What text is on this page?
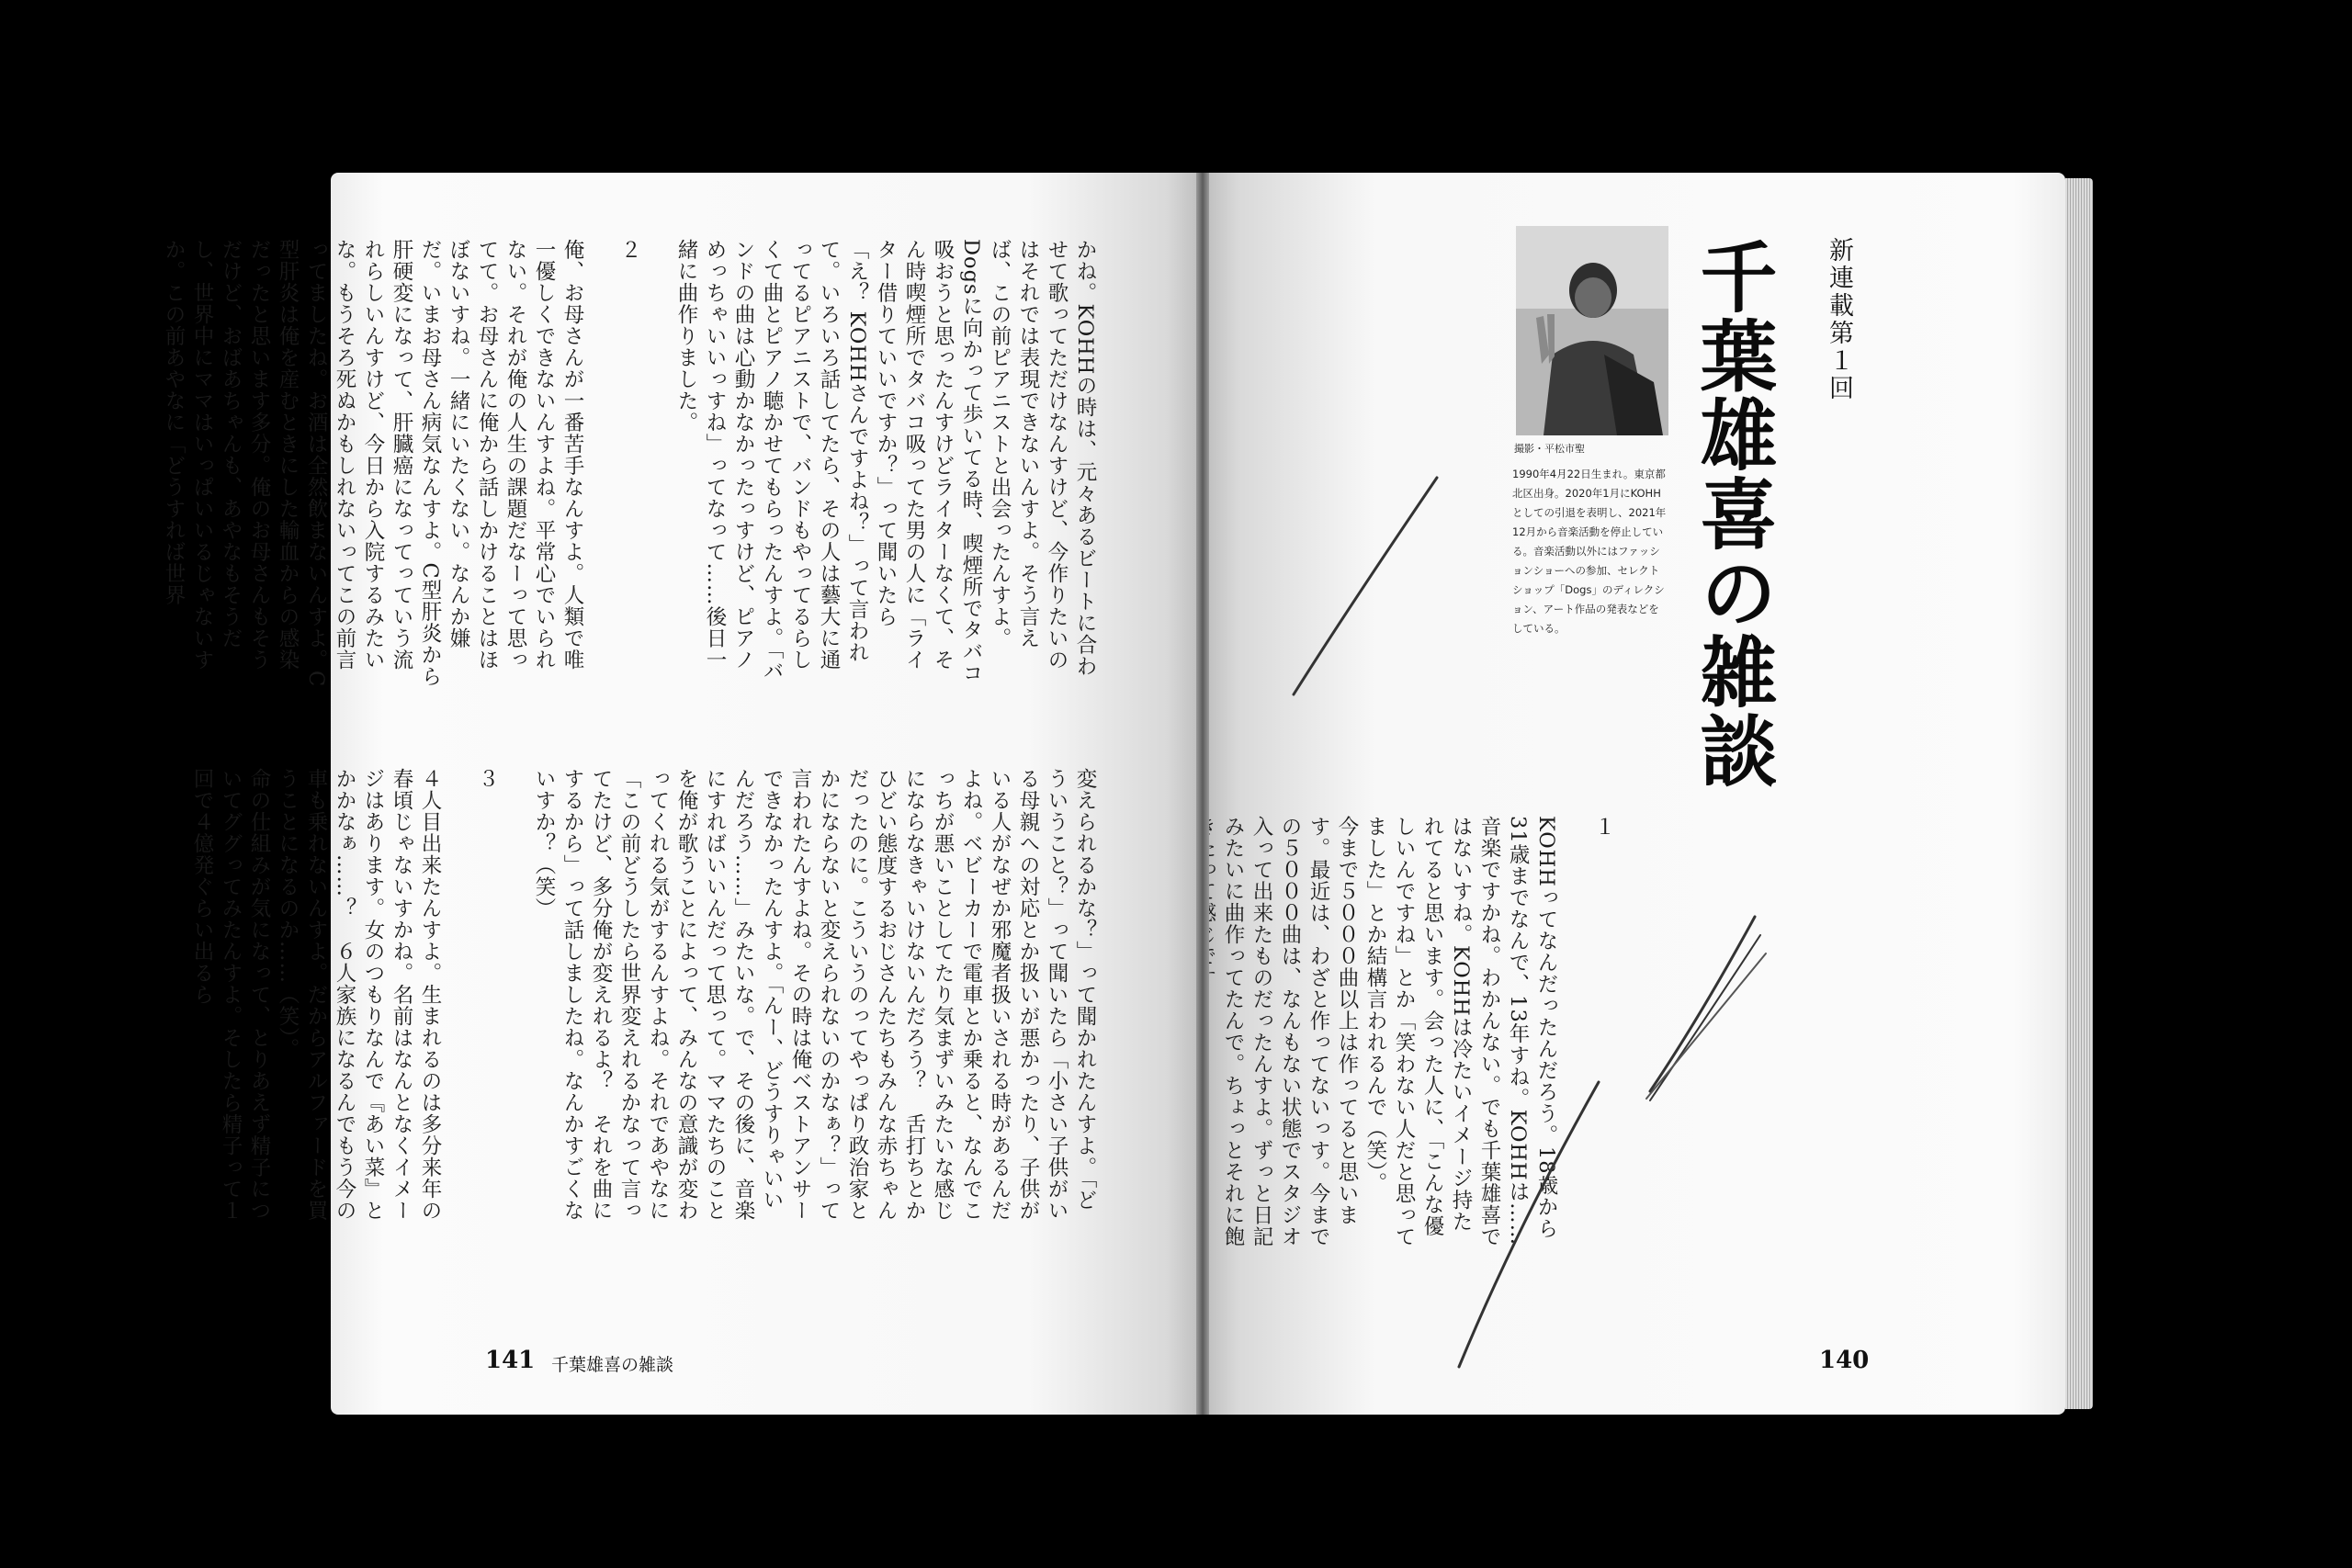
かね。KOHHの時は、元々あるビートに合わせて歌ってただけなんすけど、今作りたいのはそれでは表現できないんすよ。そう言えば、この前ピアニストと出会ったんすよ。Dogsに向かって歩いてる時、喫煙所でタバコ吸おうと思ったんすけどライターなくて、そん時喫煙所でタバコ吸ってた男の人に「ライター借りていいですか？」って聞いたら「え？ KOHHさんですよね？」って言われて。いろいろ話してたら、その人は藝大に通ってるピアニストで、バンドもやってるらしくて曲とピアノ聴かせてもらったんすよ。「バンドの曲は心動かなかったっすけど、ピアノめっちゃいいっすね」ってなって……後日一緒に曲作りました。

２

俺、お母さんが一番苦手なんすよ。人類で唯一優しくできないんすよね。平常心でいられない。それが俺の人生の課題だなーって思ってて。お母さんに俺から話しかけることはほぼないすね。一緒にいたくない。なんか嫌だ。いまお母さん病気なんすよ。C型肝炎から肝硬変になって、肝臓癌になってっていう流れらしいんすけど、今日から入院するみたいな。もうそろ死ぬかもしれないってこの前言ってましたね。お酒は全然飲まないんすよ。C型肝炎は俺を産むときにした輸血からの感染だったと思います多分。俺のお母さんもそうだけど、おばあちゃんも、あやなもそうだし、世界中にママはいっぱいいるじゃないすか。この前あやなに「どうすれば世界

変えられるかな？」って聞かれたんすよ。「どういうこと？」って聞いたら「小さい子供がいる母親への対応とか扱いが悪かったり、子供がいる人がなぜか邪魔者扱いされる時があるんだよね。ベビーカーで電車とか乗ると、なんでこっちが悪いことしてたり気まずいみたいな感じにならなきゃいけないんだろう？　舌打ちとかひどい態度するおじさんたちもみんな赤ちゃんだったのに。こういうのってやっぱり政治家とかにならないと変えられないのかなぁ？」って言われたんすよね。その時は俺ベストアンサーできなかったんすよ。「んー、どうすりゃいいんだろう……」みたいな。で、その後に、音楽にすればいいんだって思って。ママたちのことを俺が歌うことによって、みんなの意識が変わってくれる気がするんすよね。それであやなに「この前どうしたら世界変えれるかなって言ってたけど、多分俺が変えれるよ？　それを曲にするから」って話しましたね。なんかすごくないすか？（笑）

３

４人目出来たんすよ。生まれるのは多分来年の春頃じゃないすかね。名前はなんとなくイメージはあります。女のつもりなんで『あい菜』とかかなぁ……？　６人家族になるんでもう今の車も乗れないんすよ。だからアルファードを買うことになるのか……（笑）。

命の仕組みが気になって、とりあえず精子についてググってみたんすよ。そしたら精子って１回で４億発ぐらい出るら

141 千葉雄喜の雑談
新連載第１回
千葉雄喜の雑談
撮影・平松市聖
1990年4月22日生まれ。東京都北区出身。2020年1月にKOHHとしての引退を表明し、2021年12月から音楽活動を停止している。音楽活動以外にはファッションショーへの参加、セレクトショップ「Dogs」のディレクション、アート作品の発表などをしている。

１

KOHHってなんだったんだろう。18歳から31歳までなんで、13年すね。KOHHは……音楽ですかね。わかんない。でも千葉雄喜ではないすね。KOHHは冷たいイメージ持たれてると思います。会った人に、「こんな優しいんですね」とか「笑わない人だと思ってました」とか結構言われるんで（笑）。

今まで５０００曲以上は作ってると思います。最近は、わざと作ってないっす。今までの５０００曲は、なんもない状態でスタジオ入って出来たものだったんすよ。ずっと日記みたいに曲作ってたんで。ちょっとそれに飽

140
